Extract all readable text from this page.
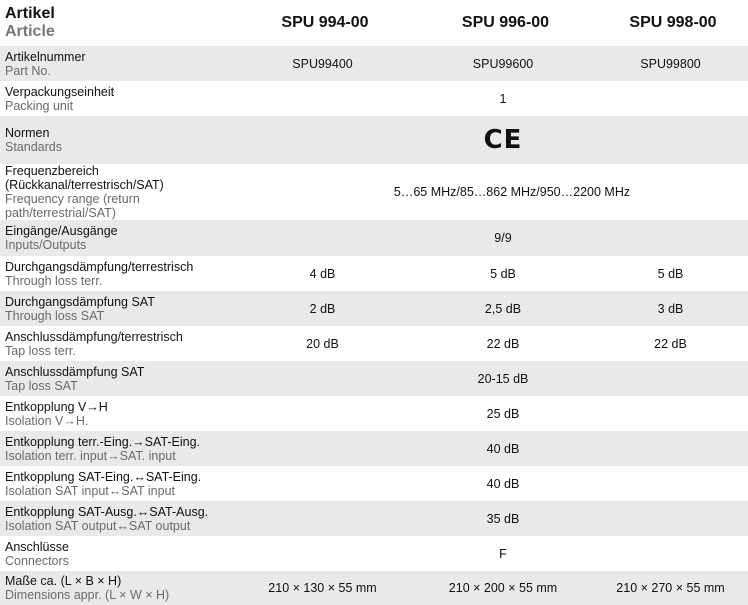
Artikel
Article	SPU 994-00	SPU 996-00	SPU 998-00

Artikelnummer
Part No.	SPU99400	SPU99600	SPU99800

Verpackungseinheit
Packing unit	1		

Normen
Standards		CE	

Frequenzbereich (Rückkanal/terrestrisch/SAT)
Frequency range (return path/terrestrial/SAT)	5…65 MHz/85…862 MHz/950…2200 MHz		

Eingänge/Ausgänge
Inputs/Outputs		9/9	

Durchgangsdämpfung/terrestrisch
Through loss terr.	4 dB	5 dB	5 dB

Durchgangsdämpfung SAT
Through loss SAT	2 dB	2,5 dB	3 dB

Anschlussdämpfung/terrestrisch
Tap loss terr.	20 dB	22 dB	22 dB

Anschlussdämpfung SAT
Tap loss SAT		20-15 dB	

Entkopplung V→H
Isolation V→H.		25 dB	

Entkopplung terr.-Eing.→SAT-Eing.
Isolation terr. input→SAT. input		40 dB	

Entkopplung SAT-Eing.↔SAT-Eing.
Isolation SAT input↔SAT input		40 dB	

Entkopplung SAT-Ausg.↔SAT-Ausg.
Isolation SAT output↔SAT output		35 dB	

Anschlüsse
Connectors		F	

Maße ca. (L × B × H)
Dimensions appr. (L × W × H)	210 × 130 × 55 mm	210 × 200 × 55 mm	210 × 270 × 55 mm
